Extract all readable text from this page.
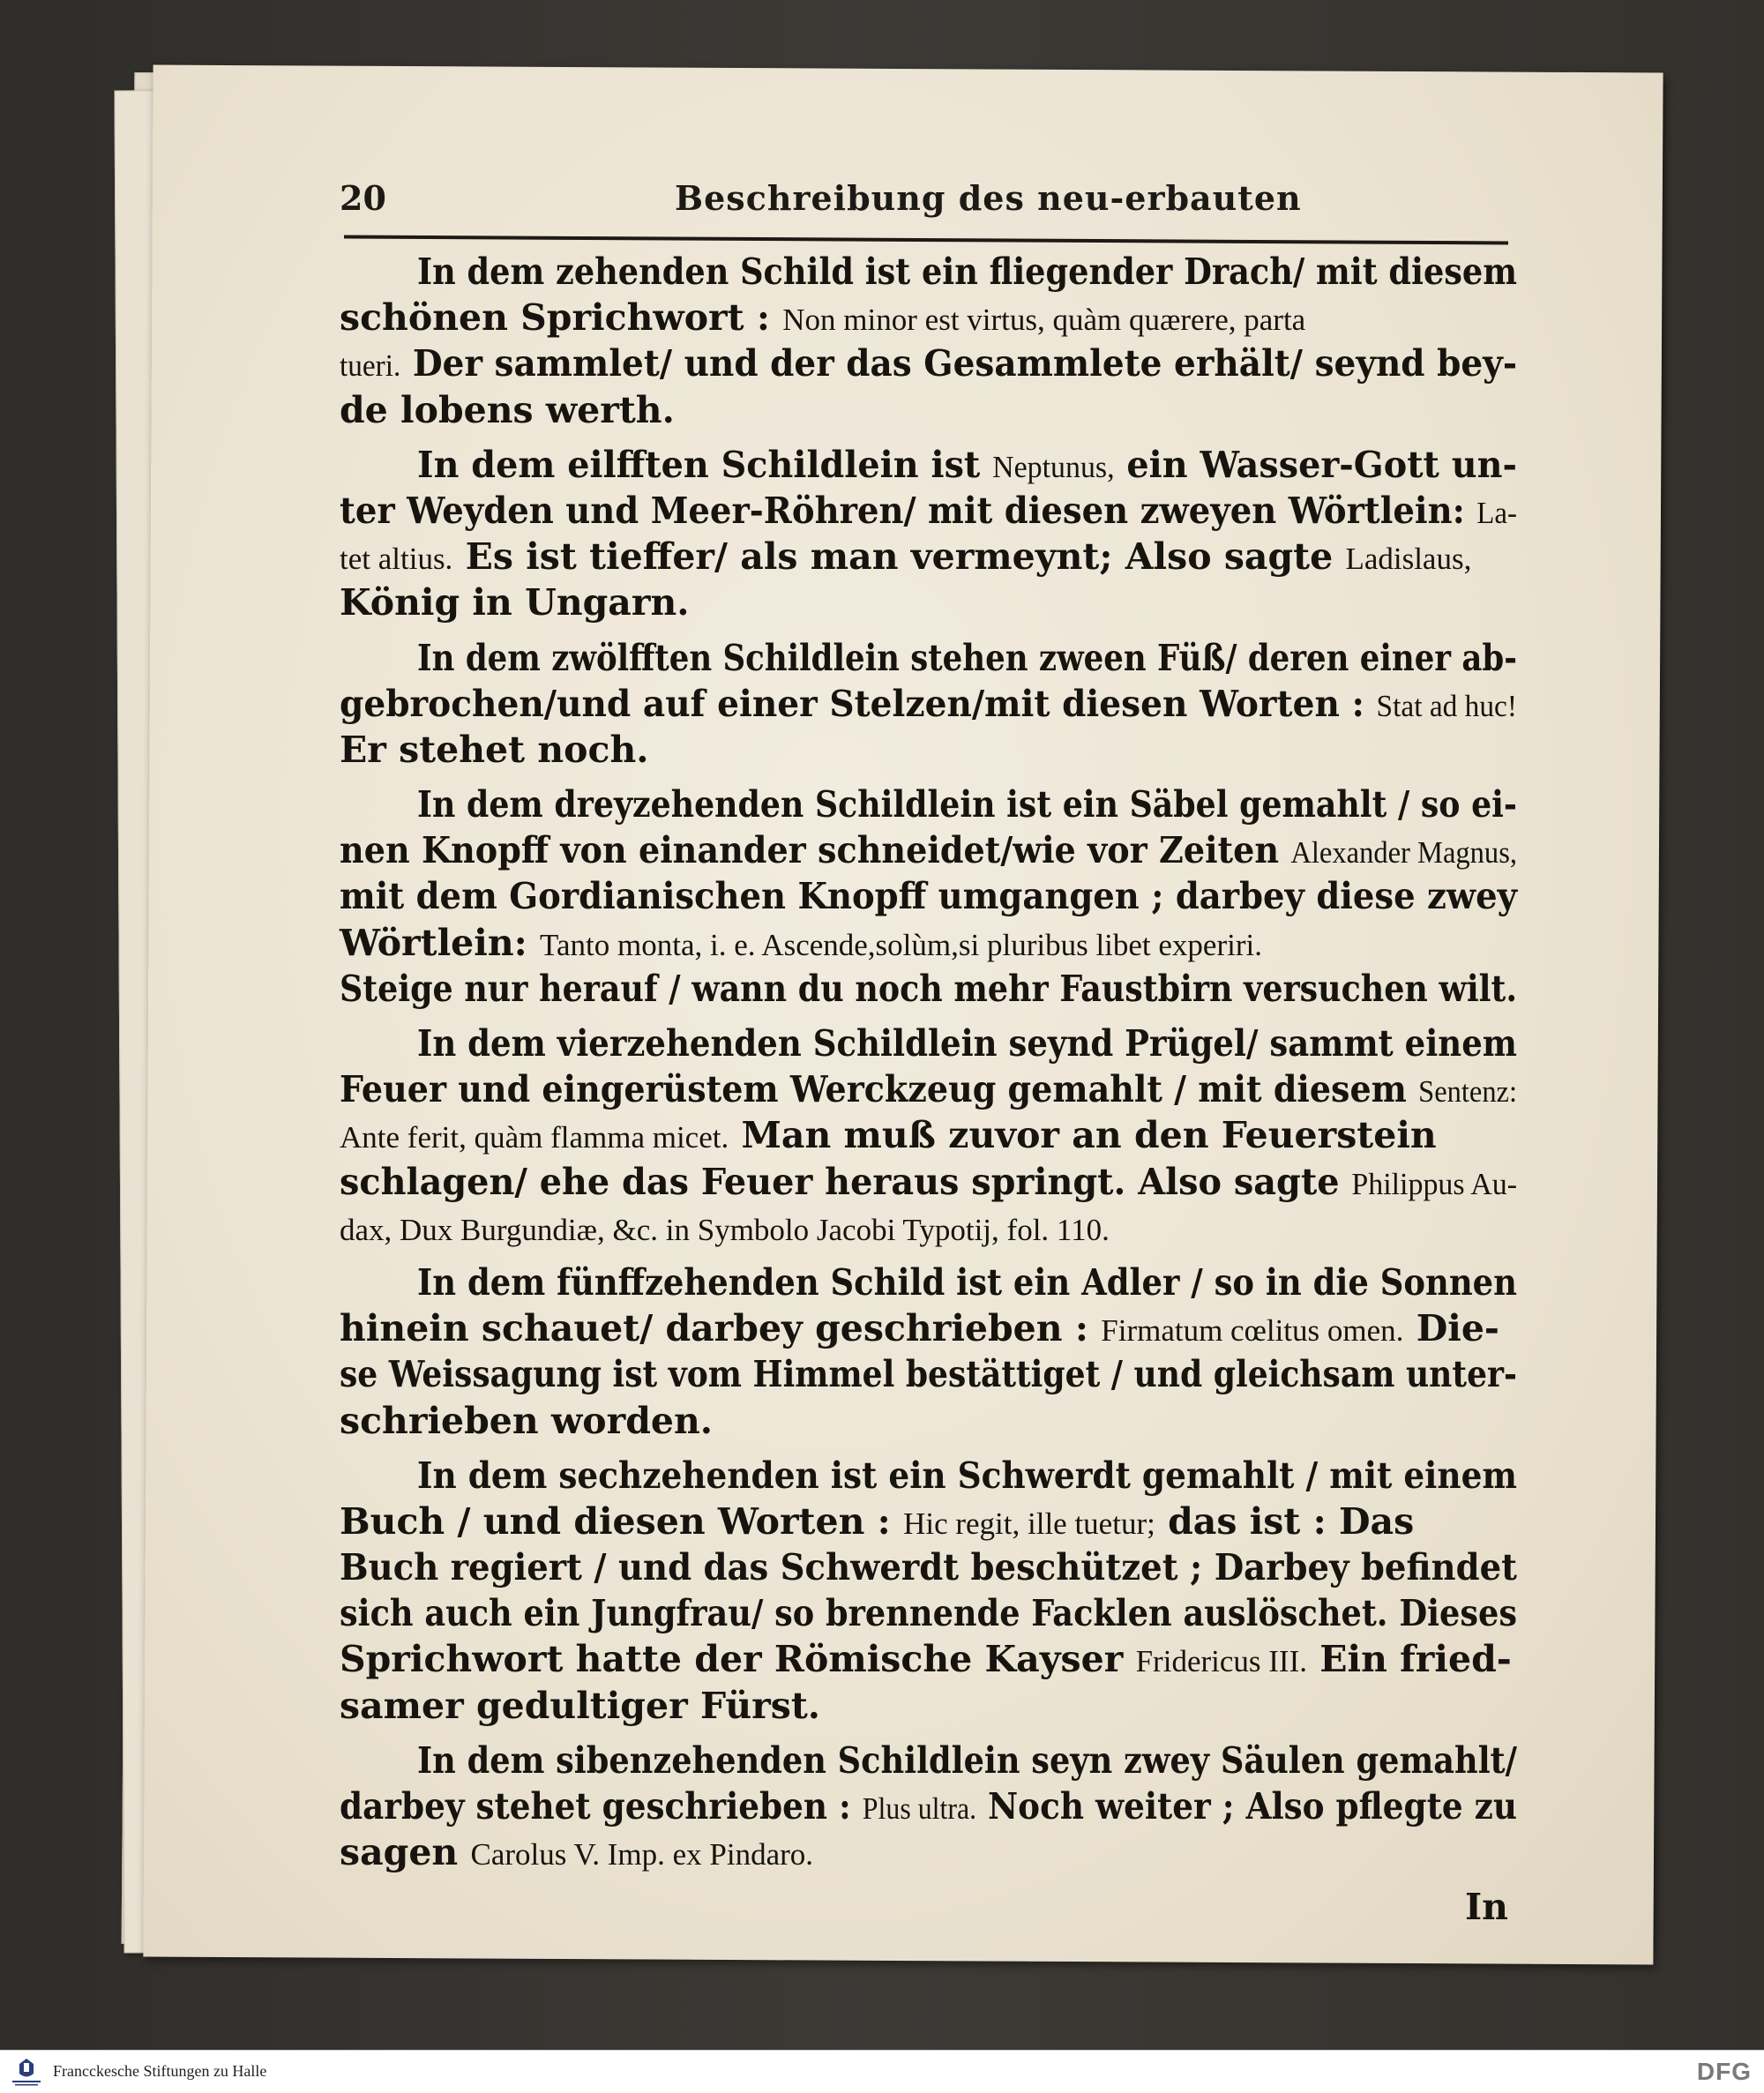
20	Beschreibung des neu-erbauten
In dem zehenden Schild ist ein fliegender Drach/ mit diesem
schönen Sprichwort : Non minor est virtus, quàm quærere, parta
tueri. Der sammlet/ und der das Gesammlete erhält/ seynd bey-
de lobens werth.
In dem eilfften Schildlein ist Neptunus, ein Wasser-Gott un-
ter Weyden und Meer-Röhren/ mit diesen zweyen Wörtlein: La-
tet altius. Es ist tieffer/ als man vermeynt; Also sagte Ladislaus,
König in Ungarn.
In dem zwölfften Schildlein stehen zween Füß/ deren einer ab-
gebrochen/und auf einer Stelzen/mit diesen Worten : Stat ad huc!
Er stehet noch.
In dem dreyzehenden Schildlein ist ein Säbel gemahlt / so ei-
nen Knopff von einander schneidet/wie vor Zeiten Alexander Magnus,
mit dem Gordianischen Knopff umgangen ; darbey diese zwey
Wörtlein: Tanto monta, i. e. Ascende,solùm,si pluribus libet experiri.
Steige nur herauf / wann du noch mehr Faustbirn versuchen wilt.
In dem vierzehenden Schildlein seynd Prügel/ sammt einem
Feuer und eingerüstem Werckzeug gemahlt / mit diesem Sentenz:
Ante ferit, quàm flamma micet. Man muß zuvor an den Feuerstein
schlagen/ ehe das Feuer heraus springt. Also sagte Philippus Au-
dax, Dux Burgundiæ, &c. in Symbolo Jacobi Typotij, fol. 110.
In dem fünffzehenden Schild ist ein Adler / so in die Sonnen
hinein schauet/ darbey geschrieben : Firmatum cœlitus omen. Die-
se Weissagung ist vom Himmel bestättiget / und gleichsam unter-
schrieben worden.
In dem sechzehenden ist ein Schwerdt gemahlt / mit einem
Buch / und diesen Worten : Hic regit, ille tuetur; das ist : Das
Buch regiert / und das Schwerdt beschützet ; Darbey befindet
sich auch ein Jungfrau/ so brennende Facklen auslöschet. Dieses
Sprichwort hatte der Römische Kayser Fridericus III. Ein fried-
samer gedultiger Fürst.
In dem sibenzehenden Schildlein seyn zwey Säulen gemahlt/
darbey stehet geschrieben : Plus ultra. Noch weiter ; Also pflegte zu
sagen Carolus V. Imp. ex Pindaro.
In
Francckesche Stiftungen zu Halle	DFG
